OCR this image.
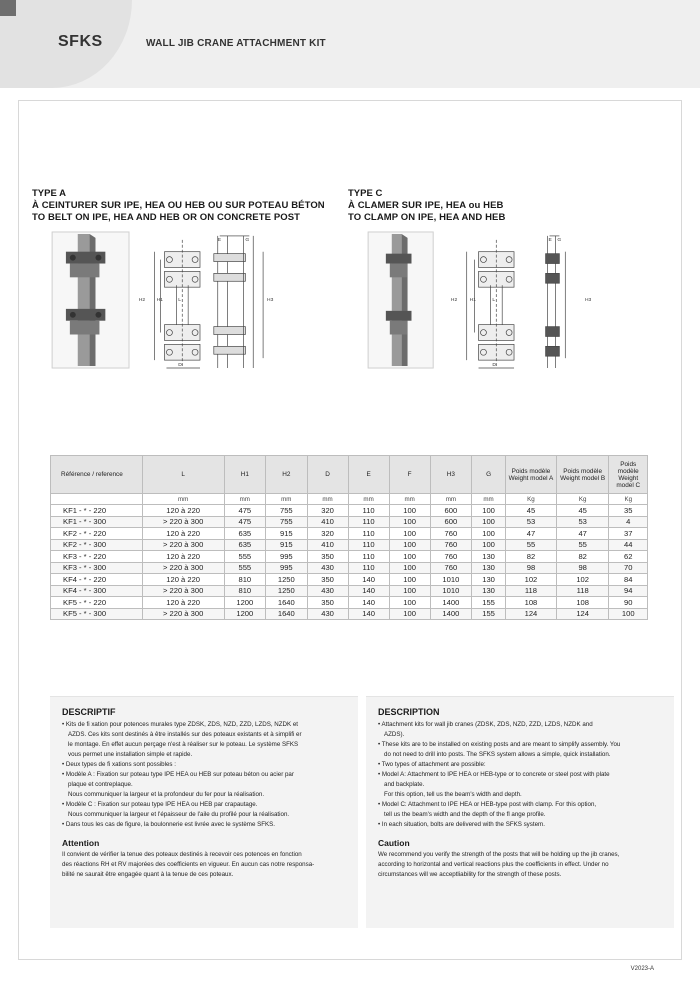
SFKS	WALL JIB CRANE ATTACHMENT KIT
TYPE A
À CEINTURER SUR IPE, HEA OU HEB OU SUR POTEAU BÉTON
TO BELT ON IPE, HEA AND HEB OR ON CONCRETE POST
TYPE C
À CLAMER SUR IPE, HEA ou HEB
TO CLAMP ON IPE, HEA AND HEB
E	G
H2 H1	L	H3
D
E G
H2 H1	L	H3
D
Référence / reference	L	H1	H2	D	E	F	H3	G	Poids modèle Weight model A	Poids modèle Weight model B	Poids modèle Weight model C
	mm	mm	mm	mm	mm	mm	mm	mm	Kg	Kg	Kg
KF1 - * - 220	120 à 220	475	755	320	110	100	600	100	45	45	35
KF1 - * - 300	> 220 à 300	475	755	410	110	100	600	100	53	53	4
KF2 - * - 220	120 à 220	635	915	320	110	100	760	100	47	47	37
KF2 - * - 300	> 220 à 300	635	915	410	110	100	760	100	55	55	44
KF3 - * - 220	120 à 220	555	995	350	110	100	760	130	82	82	62
KF3 - * - 300	> 220 à 300	555	995	430	110	100	760	130	98	98	70
KF4 - * - 220	120 à 220	810	1250	350	140	100	1010	130	102	102	84
KF4 - * - 300	> 220 à 300	810	1250	430	140	100	1010	130	118	118	94
KF5 - * - 220	120 à 220	1200	1640	350	140	100	1400	155	108	108	90
KF5 - * - 300	> 220 à 300	1200	1640	430	140	100	1400	155	124	124	100
DESCRIPTIF
• Kits de fi xation pour potences murales type ZDSK, ZDS, NZD, ZZD, LZDS, NZDK et
AZDS. Ces kits sont destinés à être installés sur des poteaux existants et à simplifi er
le montage. En effet aucun perçage n'est à réaliser sur le poteau. Le système SFKS
vous permet une installation simple et rapide.
• Deux types de fi xations sont possibles :
• Modèle A : Fixation sur poteau type IPE HEA ou HEB sur poteau béton ou acier par
plaque et contreplaque.
Nous communiquer la largeur et la profondeur du fer pour la réalisation.
• Modèle C : Fixation sur poteau type IPE HEA ou HEB par crapautage.
Nous communiquer la largeur et l'épaisseur de l'aile du profilé pour la réalisation.
• Dans tous les cas de figure, la boulonnerie est livrée avec le système SFKS.
Attention

Il convient de vérifier la tenue des poteaux destinés à recevoir ces potences en fonction
des réactions RH et RV majorées des coefficients en vigueur. En aucun cas notre responsa-
bilité ne saurait être engagée quant à la tenue de ces poteaux.

DESCRIPTION
• Attachment kits for wall jib cranes (ZDSK, ZDS, NZD, ZZD, LZDS, NZDK and
AZDS).
• These kits are to be installed on existing posts and are meant to simplify assembly. You
do not need to drill into posts. The SFKS system allows a simple, quick installation.
• Two types of attachment are possible:
• Model A: Attachment to IPE HEA or HEB-type or to concrete or steel post with plate
and backplate.
For this option, tell us the beam's width and depth.
• Model C: Attachment to IPE HEA or HEB-type post with clamp. For this option,
tell us the beam's width and the depth of the fl ange profile.
• In each situation, bolts are delivered with the SFKS system.
Caution

We recommend you verify the strength of the posts that will be holding up the jib cranes,
according to horizontal and vertical reactions plus the coefficients in effect. Under no
circumstances will we acceptliability for the strength of these posts.

V2023-A
